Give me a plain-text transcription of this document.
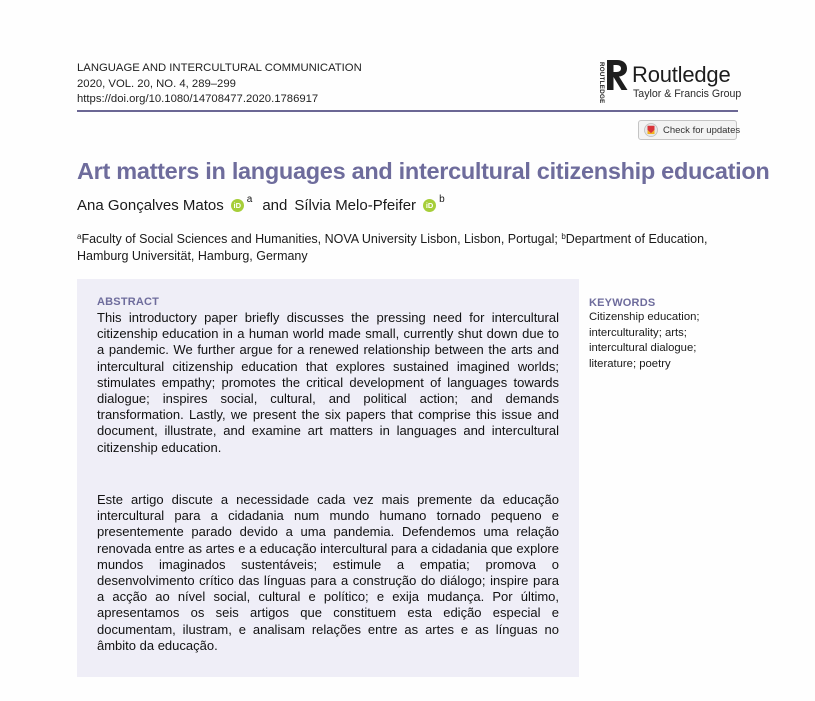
LANGUAGE AND INTERCULTURAL COMMUNICATION
2020, VOL. 20, NO. 4, 289–299
https://doi.org/10.1080/14708477.2020.1786917	ROUTLEDGE Routledge
Taylor & Francis Group
Check for updates
Art matters in languages and intercultural citizenship education
Ana Gonçalves Matos	iD
a and Sílvia Melo-Pfeifer	iD
b
$^a$Faculty of Social Sciences and Humanities, NOVA University Lisbon, Lisbon, Portugal; $^b$Department of Education, Hamburg Universität, Hamburg, Germany
ABSTRACT

This introductory paper briefly discusses the pressing need for intercultural citizenship education in a human world made small, currently shut down due to a pandemic. We further argue for a renewed relationship between the arts and intercultural citizenship education that explores sustained imagined worlds; stimulates empathy; promotes the critical development of languages towards dialogue; inspires social, cultural, and political action; and demands transformation. Lastly, we present the six papers that comprise this issue and document, illustrate, and examine art matters in languages and intercultural citizenship education.

Este artigo discute a necessidade cada vez mais premente da educação intercultural para a cidadania num mundo humano tornado pequeno e presentemente parado devido a uma pandemia. Defendemos uma relação renovada entre as artes e a educação intercultural para a cidadania que explore mundos imaginados sustentáveis; estimule a empatia; promova o desenvolvimento crítico das línguas para a construção do diálogo; inspire para a acção ao nível social, cultural e político; e exija mudança. Por último, apresentamos os seis artigos que constituem esta edição especial e documentam, ilustram, e analisam relações entre as artes e as línguas no âmbito da educação.

KEYWORDS
Citizenship education;
interculturality; arts;
intercultural dialogue;
literature; poetry
